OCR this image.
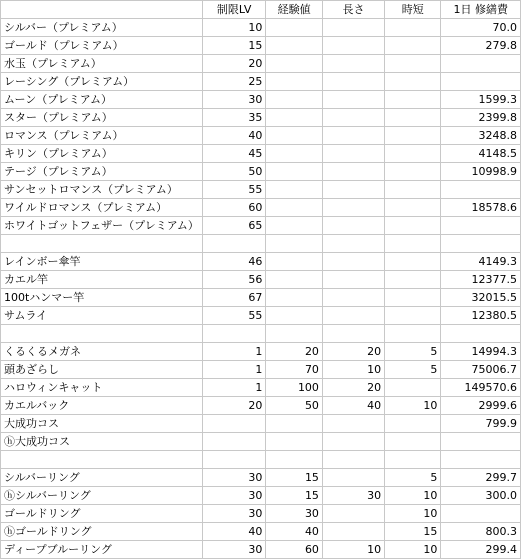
	制限LV	経験値	長さ	時短	1日 修繕費
シルバー（プレミアム）	10				70.0
ゴールド（プレミアム）	15				279.8
水玉（プレミアム）	20				
レーシング（プレミアム）	25				
ムーン（プレミアム）	30				1599.3
スター（プレミアム）	35				2399.8
ロマンス（プレミアム）	40				3248.8
キリン（プレミアム）	45				4148.5
テージ（プレミアム）	50				10998.9
サンセットロマンス（プレミアム）	55				
ワイルドロマンス（プレミアム）	60				18578.6
ホワイトゴットフェザー（プレミアム）	65				

レインボー傘竿	46				4149.3
カエル竿	56				12377.5
100tハンマー竿	67				32015.5
サムライ	55				12380.5

くるくるメガネ	1	20	20	5	14994.3
頭あざらし	1	70	10	5	75006.7
ハロウィンキャット	1	100	20		149570.6
カエルバック	20	50	40	10	2999.6
大成功コス					799.9
ⓗ大成功コス					

シルバーリング	30	15		5	299.7
ⓗシルバーリング	30	15	30	10	300.0
ゴールドリング	30	30		10	
ⓗゴールドリング	40	40		15	800.3
ディープブルーリング	30	60	10	10	299.4
